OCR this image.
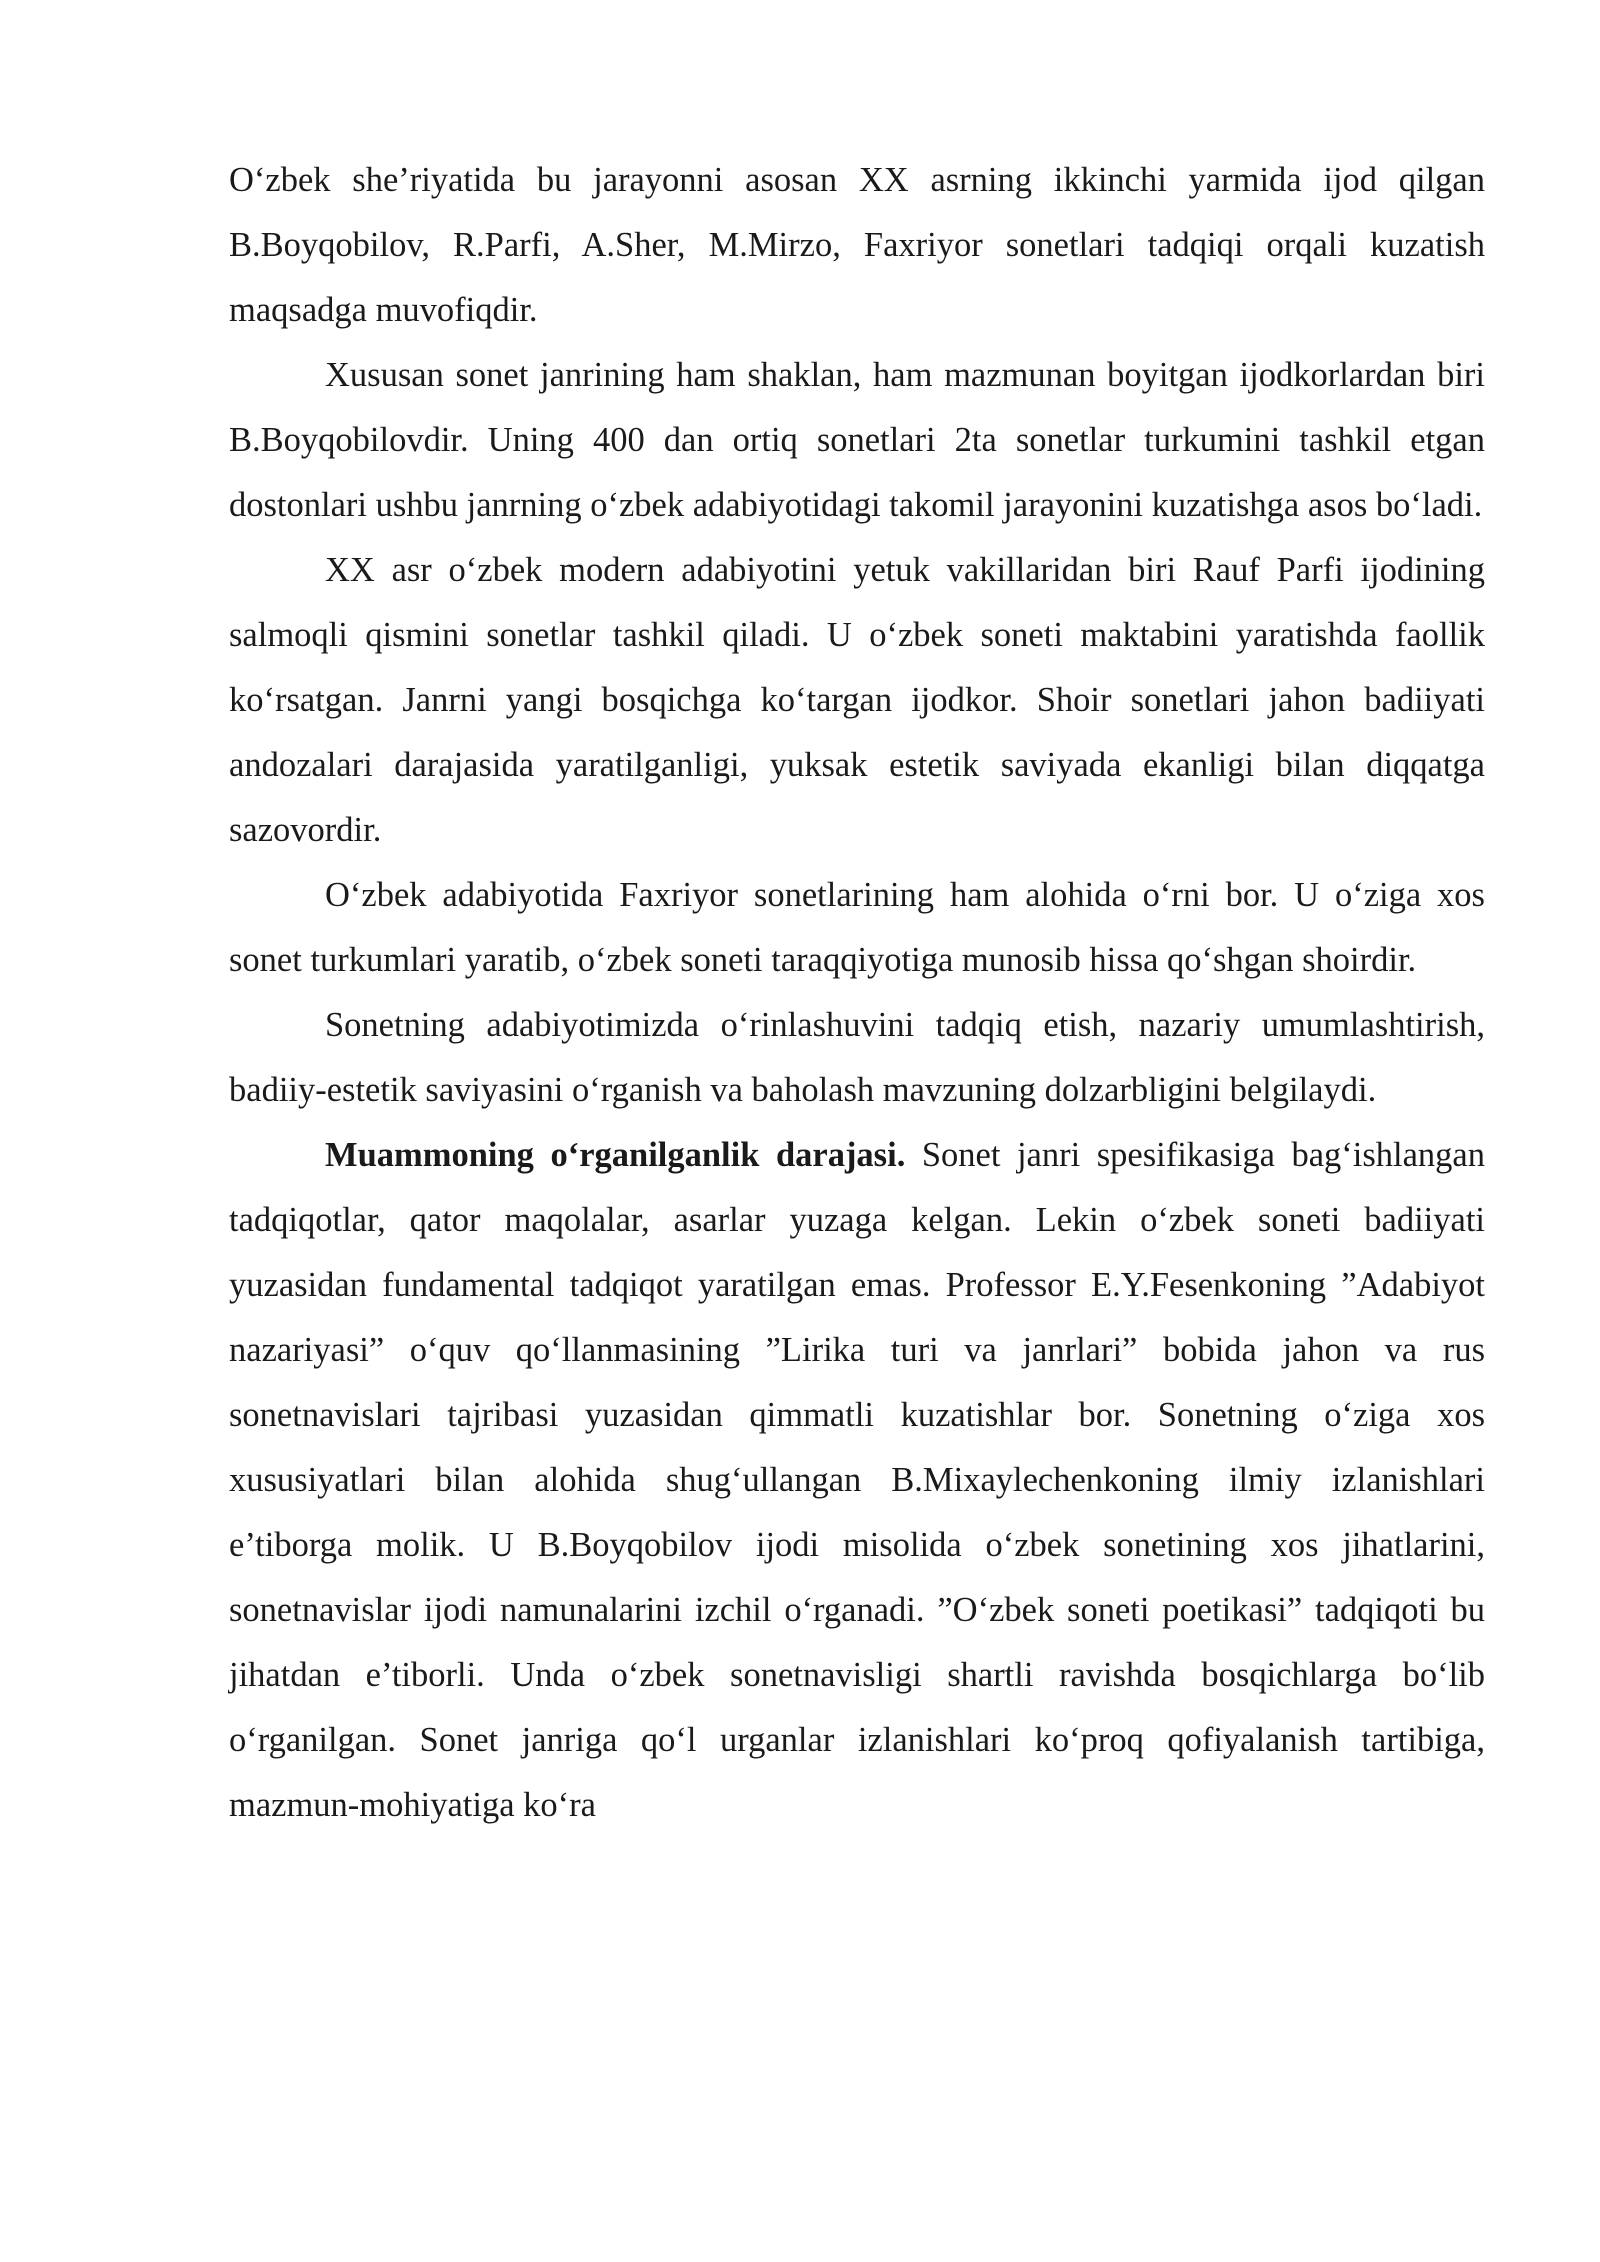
O‘zbek she’riyatida bu jarayonni asosan XX asrning ikkinchi yarmida ijod qilgan B.Boyqobilov, R.Parfi, A.Sher, M.Mirzo, Faxriyor sonetlari tadqiqi orqali kuzatish maqsadga muvofiqdir.

Xususan sonet janrining ham shaklan, ham mazmunan boyitgan ijodkorlardan biri B.Boyqobilovdir. Uning 400 dan ortiq sonetlari 2ta sonetlar turkumini tashkil etgan dostonlari ushbu janrning o‘zbek adabiyotidagi takomil jarayonini kuzatishga asos bo‘ladi.

XX asr o‘zbek modern adabiyotini yetuk vakillaridan biri Rauf Parfi ijodining salmoqli qismini sonetlar tashkil qiladi. U o‘zbek soneti maktabini yaratishda faollik ko‘rsatgan. Janrni yangi bosqichga ko‘targan ijodkor. Shoir sonetlari jahon badiiyati andozalari darajasida yaratilganligi, yuksak estetik saviyada ekanligi bilan diqqatga sazovordir.

O‘zbek adabiyotida Faxriyor sonetlarining ham alohida o‘rni bor. U o‘ziga xos sonet turkumlari yaratib, o‘zbek soneti taraqqiyotiga munosib hissa qo‘shgan shoirdir.

Sonetning adabiyotimizda o‘rinlashuvini tadqiq etish, nazariy umumlashtirish, badiiy-estetik saviyasini o‘rganish va baholash mavzuning dolzarbligini belgilaydi.

Muammoning o‘rganilganlik darajasi. Sonet janri spesifikasiga bag‘ishlangan tadqiqotlar, qator maqolalar, asarlar yuzaga kelgan. Lekin o‘zbek soneti badiiyati yuzasidan fundamental tadqiqot yaratilgan emas. Professor E.Y.Fesenkoning ”Adabiyot nazariyasi” o‘quv qo‘llanmasining ”Lirika turi va janrlari” bobida jahon va rus sonetnavislari tajribasi yuzasidan qimmatli kuzatishlar bor. Sonetning o‘ziga xos xususiyatlari bilan alohida shug‘ullangan B.Mixaylechenkoning ilmiy izlanishlari e’tiborga molik. U B.Boyqobilov ijodi misolida o‘zbek sonetining xos jihatlarini, sonetnavislar ijodi namunalarini izchil o‘rganadi. ”O‘zbek soneti poetikasi” tadqiqoti bu jihatdan e’tiborli. Unda o‘zbek sonetnavisligi shartli ravishda bosqichlarga bo‘lib o‘rganilgan. Sonet janriga qo‘l urganlar izlanishlari ko‘proq qofiyalanish tartibiga, mazmun-mohiyatiga ko‘ra
